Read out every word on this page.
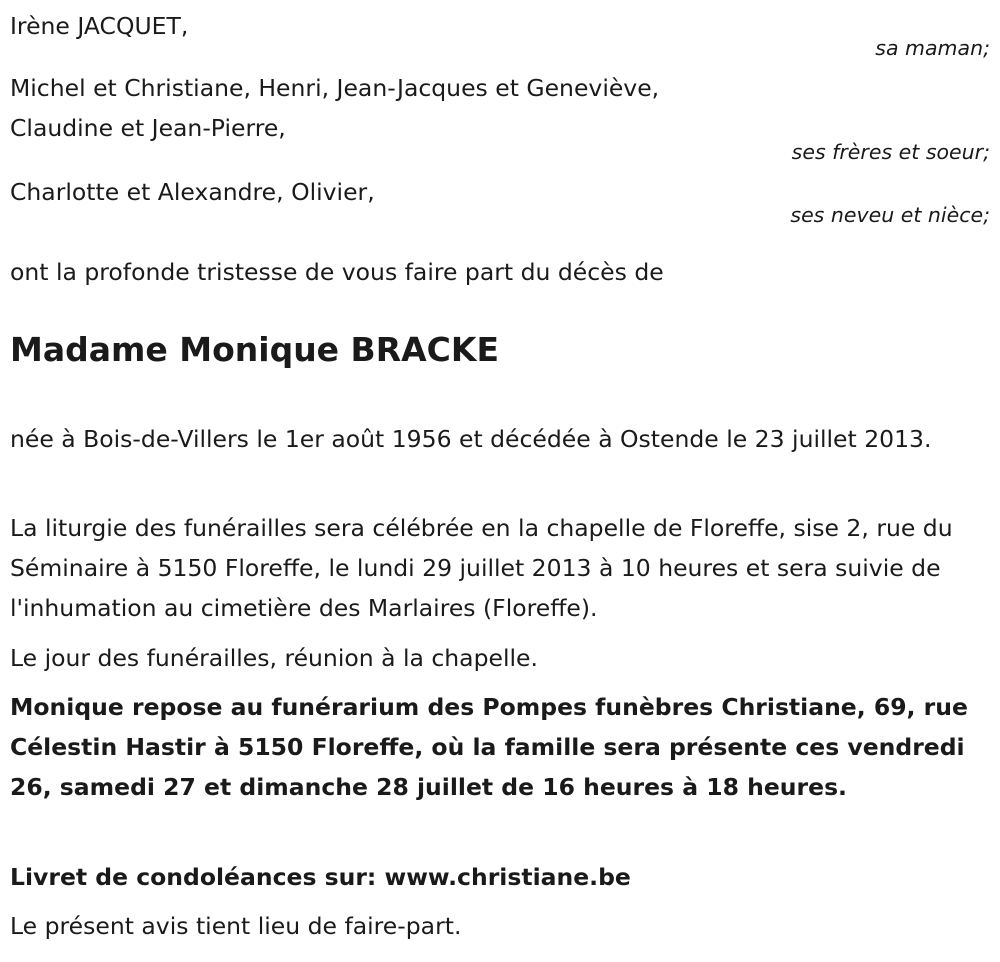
Irène JACQUET,

sa maman;

Michel et Christiane, Henri, Jean-Jacques et Geneviève,

Claudine et Jean-Pierre,

ses frères et soeur;

Charlotte et Alexandre, Olivier,

ses neveu et nièce;

ont la profonde tristesse de vous faire part du décès de

Madame Monique BRACKE

née à Bois-de-Villers le 1er août 1956 et décédée à Ostende le 23 juillet 2013.

La liturgie des funérailles sera célébrée en la chapelle de Floreffe, sise 2, rue du Séminaire à 5150 Floreffe, le lundi 29 juillet 2013 à 10 heures et sera suivie de l'inhumation au cimetière des Marlaires (Floreffe).

Le jour des funérailles, réunion à la chapelle.

Monique repose au funérarium des Pompes funèbres Christiane, 69, rue Célestin Hastir à 5150 Floreffe, où la famille sera présente ces vendredi 26, samedi 27 et dimanche 28 juillet de 16 heures à 18 heures.

Livret de condoléances sur: www.christiane.be

Le présent avis tient lieu de faire-part.
